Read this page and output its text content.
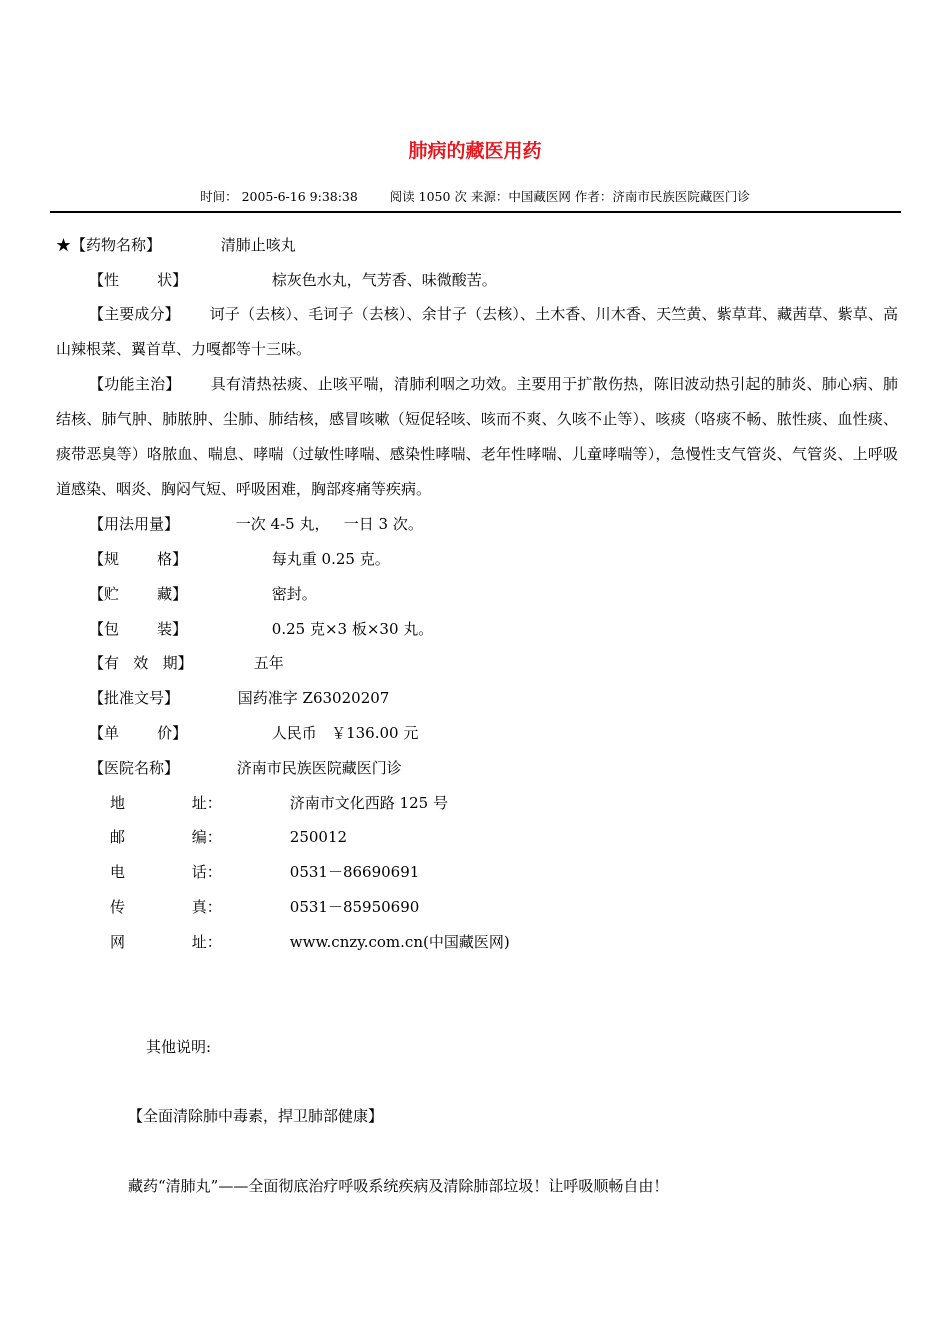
肺病的藏医用药
时间： 2005-6-16 9:38:38	阅读 1050 次 来源：中国藏医网 作者：济南市民族医院藏医门诊
★【药物名称】	清肺止咳丸
【性        状】	棕灰色水丸，气芳香、味微酸苦。
【主要成分】 诃子（去核）、毛诃子（去核）、余甘子（去核）、土木香、川木香、天竺黄、紫草茸、藏茜草、紫草、高山辣根菜、翼首草、力嘎都等十三味。
【功能主治】 具有清热祛痰、止咳平喘，清肺利咽之功效。主要用于扩散伤热，陈旧波动热引起的肺炎、肺心病、肺结核、肺气肿、肺脓肿、尘肺、肺结核，感冒咳嗽（短促轻咳、咳而不爽、久咳不止等）、咳痰（咯痰不畅、脓性痰、血性痰、痰带恶臭等）咯脓血、喘息、哮喘（过敏性哮喘、感染性哮喘、老年性哮喘、儿童哮喘等），急慢性支气管炎、气管炎、上呼吸道感染、咽炎、胸闷气短、呼吸困难，胸部疼痛等疾病。
【用法用量】	一次 4-5 丸，   一日 3 次。
【规        格】	每丸重 0.25 克。
【贮        藏】	密封。
【包        装】	0.25 克×3 板×30 丸。
【有   效   期】	五年
【批准文号】	国药准字 Z63020207
【单        价】	人民币   ￥136.00 元
【医院名称】	济南市民族医院藏医门诊
地              址：	济南市文化西路 125 号
邮              编：	250012
电              话：	0531－86690691
传              真：	0531－85950690
网              址：	www.cnzy.com.cn(中国藏医网)
其他说明:
【全面清除肺中毒素，捍卫肺部健康】
藏药“清肺丸”——全面彻底治疗呼吸系统疾病及清除肺部垃圾！让呼吸顺畅自由！
